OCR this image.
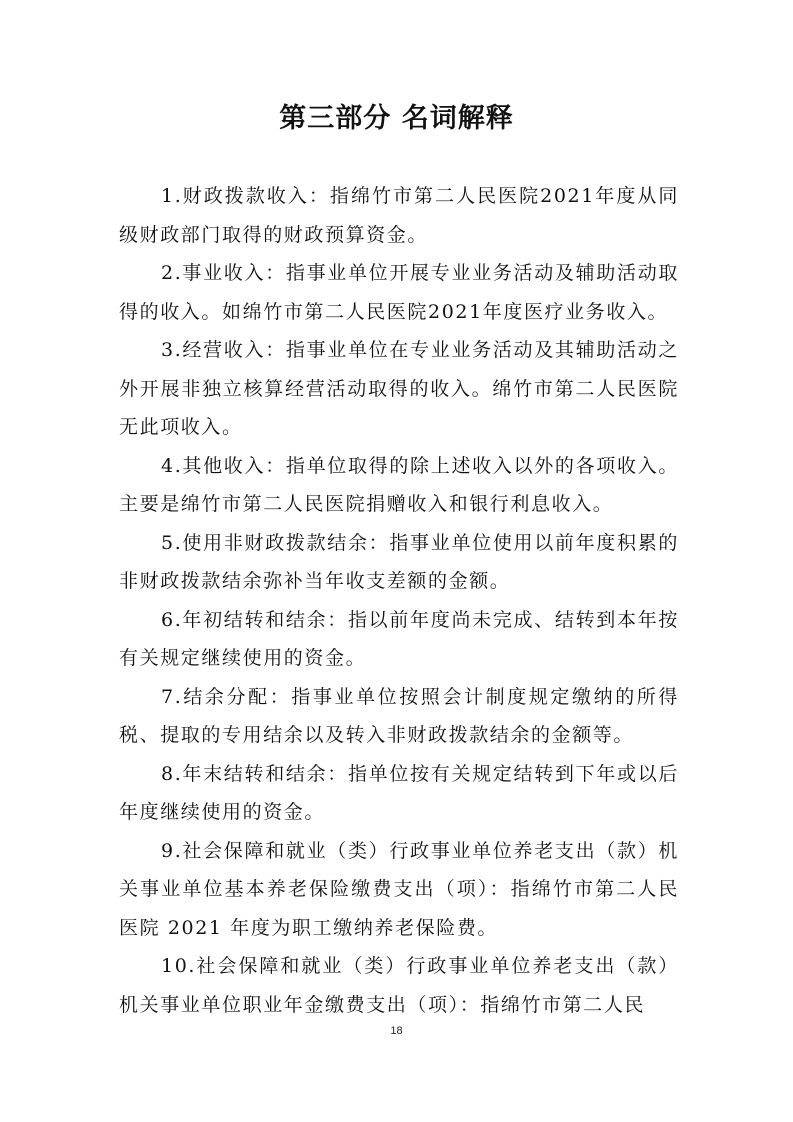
第三部分 名词解释

1.财政拨款收入：指绵竹市第二人民医院2021年度从同级财政部门取得的财政预算资金。

2.事业收入：指事业单位开展专业业务活动及辅助活动取得的收入。如绵竹市第二人民医院2021年度医疗业务收入。

3.经营收入：指事业单位在专业业务活动及其辅助活动之外开展非独立核算经营活动取得的收入。绵竹市第二人民医院无此项收入。

4.其他收入：指单位取得的除上述收入以外的各项收入。主要是绵竹市第二人民医院捐赠收入和银行利息收入。

5.使用非财政拨款结余：指事业单位使用以前年度积累的非财政拨款结余弥补当年收支差额的金额。

6.年初结转和结余：指以前年度尚未完成、结转到本年按有关规定继续使用的资金。

7.结余分配：指事业单位按照会计制度规定缴纳的所得税、提取的专用结余以及转入非财政拨款结余的金额等。

8.年末结转和结余：指单位按有关规定结转到下年或以后年度继续使用的资金。

9.社会保障和就业（类）行政事业单位养老支出（款）机关事业单位基本养老保险缴费支出（项）：指绵竹市第二人民医院 2021 年度为职工缴纳养老保险费。

10.社会保障和就业（类）行政事业单位养老支出（款）机关事业单位职业年金缴费支出（项）：指绵竹市第二人民

18
